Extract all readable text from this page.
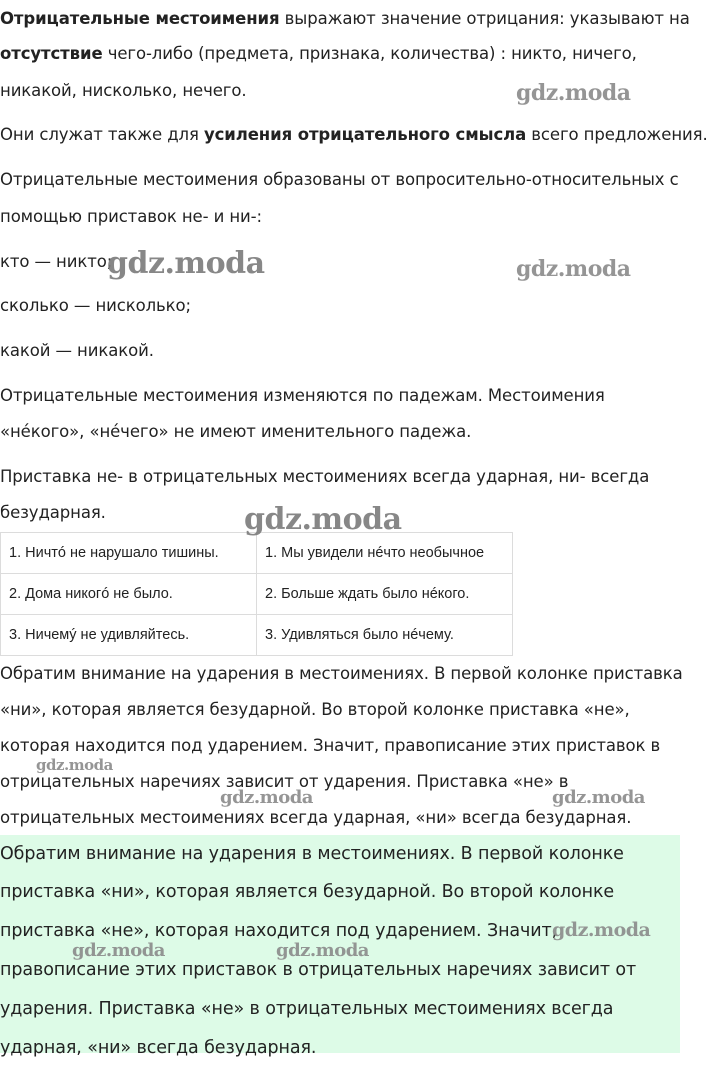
Отрицательные местоимения выражают значение отрицания: указывают на
отсутствие чего-либо (предмета, признака, количества) : никто, ничего,
никакой, нисколько, нечего.
Они служат также для усиления отрицательного смысла всего предложения.
Отрицательные местоимения образованы от вопросительно-относительных с
помощью приставок не- и ни-:
кто — никто;
сколько — нисколько;
какой — никакой.
Отрицательные местоимения изменяются по падежам. Местоимения
«нéкого», «нéчего» не имеют именительного падежа.
Приставка не- в отрицательных местоимениях всегда ударная, ни- всегда
безударная.
1. Ничтó не нарушало тишины.	1. Мы увидели нéчто необычное
2. Дома никогó не было.	2. Больше ждать было нéкого.
3. Ничемý не удивляйтесь.	3. Удивляться было нéчему.
Обратим внимание на ударения в местоимениях. В первой колонке приставка
«ни», которая является безударной. Во второй колонке приставка «не»,
которая находится под ударением. Значит, правописание этих приставок в
отрицательных наречиях зависит от ударения. Приставка «не» в
отрицательных местоимениях всегда ударная, «ни» всегда безударная.
Обратим внимание на ударения в местоимениях. В первой колонке
приставка «ни», которая является безударной. Во второй колонке
приставка «не», которая находится под ударением. Значит,
правописание этих приставок в отрицательных наречиях зависит от
ударения. Приставка «не» в отрицательных местоимениях всегда
ударная, «ни» всегда безударная.
gdz.moda
gdz.moda	gdz.moda
gdz.moda
gdz.moda
gdz.moda	gdz.moda
gdz.moda
gdz.moda	gdz.moda
